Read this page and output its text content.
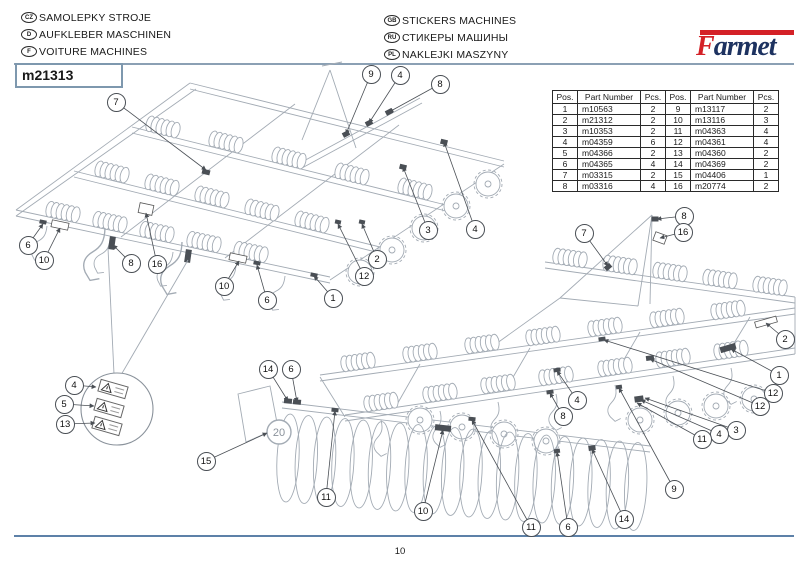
CZ SAMOLEPKY STROJE
D AUFKLEBER MASCHINEN
F VOITURE MACHINES
GB STICKERS MACHINES
RU СТИКЕРЫ МАШИНЫ
PL NAKLEJKI MASZYNY	Farmet
m21313
20
7
9	4
8
3	4
2
12
1
6
10	8	16
10
6
4
5
13
8
16
7
2
1
12
12
4
8
3
4
11
9
14
6
11
10
11
15
14	6
Pos.	Part Number	Pcs.	Pos.	Part Number	Pcs.
1	m10563	2	9	m13117	2
2	m21312	2	10	m13116	3
3	m10353	2	11	m04363	4
4	m04359	6	12	m04361	4
5	m04366	2	13	m04360	2
6	m04365	4	14	m04369	2
7	m03315	2	15	m04406	1
8	m03316	4	16	m20774	2
10
